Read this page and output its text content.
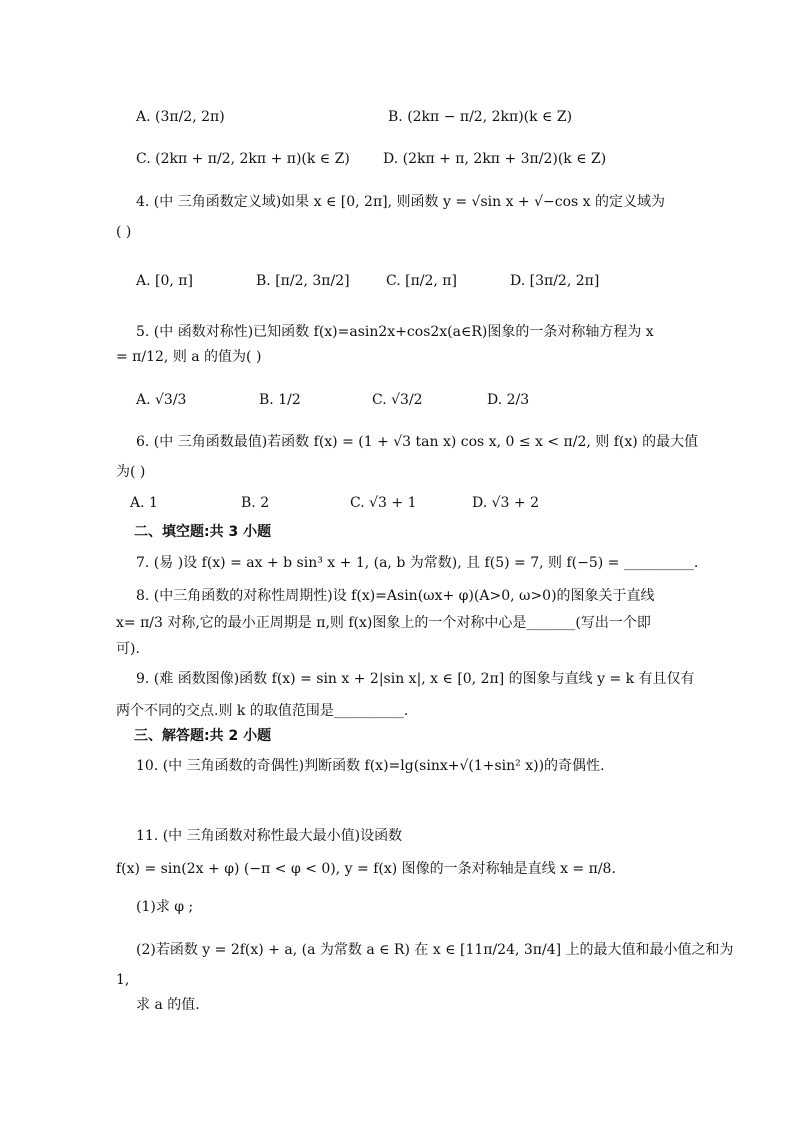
A. (3π/2, 2π)	B. (2kπ − π/2, 2kπ)(k ∈ Z)
C. (2kπ + π/2, 2kπ + π)(k ∈ Z) D. (2kπ + π, 2kπ + 3π/2)(k ∈ Z)
4. (中 三角函数定义域)如果 x ∈ [0, 2π], 则函数 y = √sin x + √−cos x 的定义域为
( )
A. [0, π]	B. [π/2, 3π/2]	C. [π/2, π]	D. [3π/2, 2π]
5. (中 函数对称性)已知函数 f(x)=asin2x+cos2x(a∈R)图象的一条对称轴方程为 x
= π/12, 则 a 的值为( )
A. √3/3	B. 1/2	C. √3/2	D. 2/3
6. (中 三角函数最值)若函数 f(x) = (1 + √3 tan x) cos x, 0 ≤ x < π/2, 则 f(x) 的最大值
为( )
A. 1	B. 2	C. √3 + 1	D. √3 + 2
二、填空题:共 3 小题
7. (易 )设 f(x) = ax + b sin³ x + 1, (a, b 为常数), 且 f(5) = 7, 则 f(−5) = __________.
8. (中三角函数的对称性周期性)设 f(x)=Asin(ωx+ φ)(A>0, ω>0)的图象关于直线
x= π/3 对称,它的最小正周期是 π,则 f(x)图象上的一个对称中心是_______(写出一个即
可).
9. (难 函数图像)函数 f(x) = sin x + 2|sin x|, x ∈ [0, 2π] 的图象与直线 y = k 有且仅有
两个不同的交点.则 k 的取值范围是__________.
三、解答题:共 2 小题
10. (中 三角函数的奇偶性)判断函数 f(x)=lg(sinx+√(1+sin² x))的奇偶性.
11. (中 三角函数对称性最大最小值)设函数
f(x) = sin(2x + φ) (−π < φ < 0), y = f(x) 图像的一条对称轴是直线 x = π/8.
(1)求 φ ;
(2)若函数 y = 2f(x) + a, (a 为常数 a ∈ R) 在 x ∈ [11π/24, 3π/4] 上的最大值和最小值之和为
1,
求 a 的值.
